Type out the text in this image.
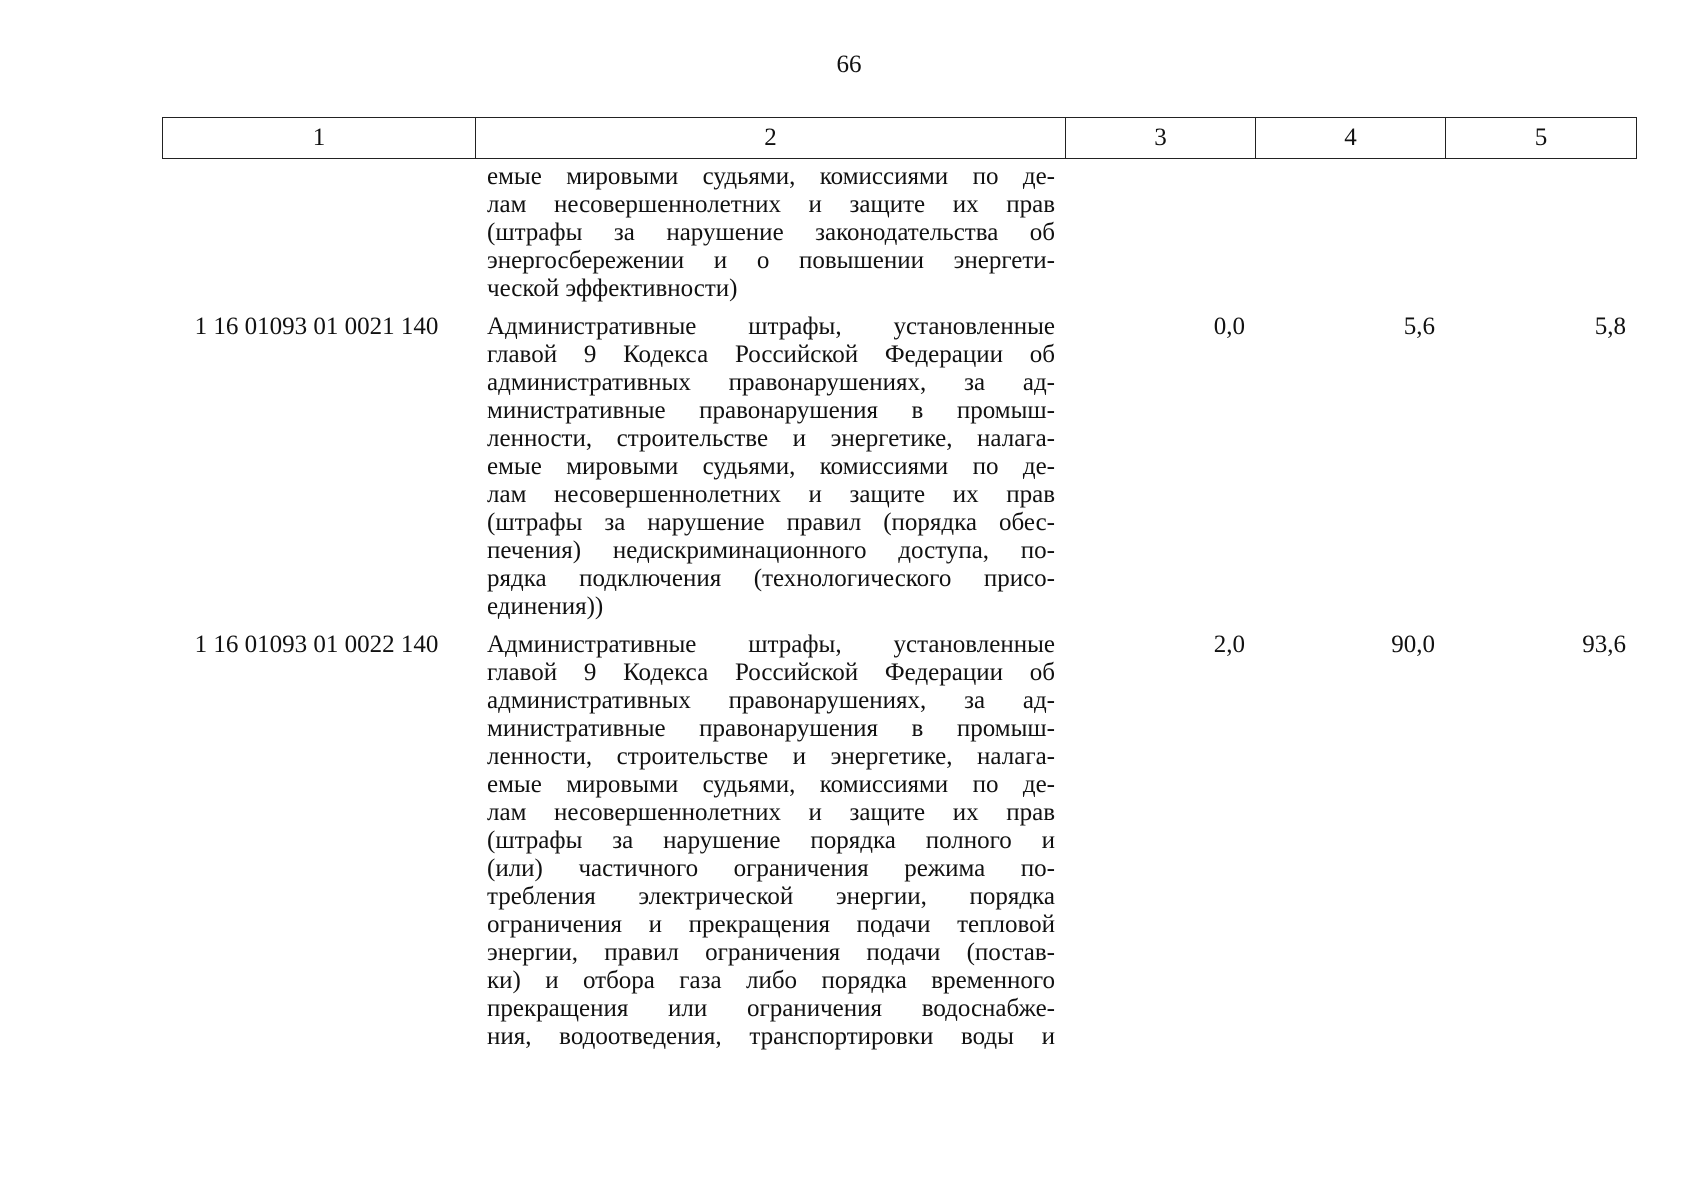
66
1	2	3	4	5
емые мировыми судьями, комиссиями по де-
лам несовершеннолетних и защите их прав
(штрафы за нарушение законодательства об
энергосбережении и о повышении энергети-
ческой эффективности)
1 16 01093 01 0021 140	Административные штрафы, установленные
главой 9 Кодекса Российской Федерации об
административных правонарушениях, за ад-
министративные правонарушения в промыш-
ленности, строительстве и энергетике, налага-
емые мировыми судьями, комиссиями по де-
лам несовершеннолетних и защите их прав
(штрафы за нарушение правил (порядка обес-
печения) недискриминационного доступа, по-
рядка подключения (технологического присо-
единения))
0,0	5,6	5,8
1 16 01093 01 0022 140	Административные штрафы, установленные
главой 9 Кодекса Российской Федерации об
административных правонарушениях, за ад-
министративные правонарушения в промыш-
ленности, строительстве и энергетике, налага-
емые мировыми судьями, комиссиями по де-
лам несовершеннолетних и защите их прав
(штрафы за нарушение порядка полного и
(или) частичного ограничения режима по-
требления электрической энергии, порядка
ограничения и прекращения подачи тепловой
энергии, правил ограничения подачи (постав-
ки) и отбора газа либо порядка временного
прекращения или ограничения водоснабже-
ния, водоотведения, транспортировки воды и
2,0	90,0	93,6
